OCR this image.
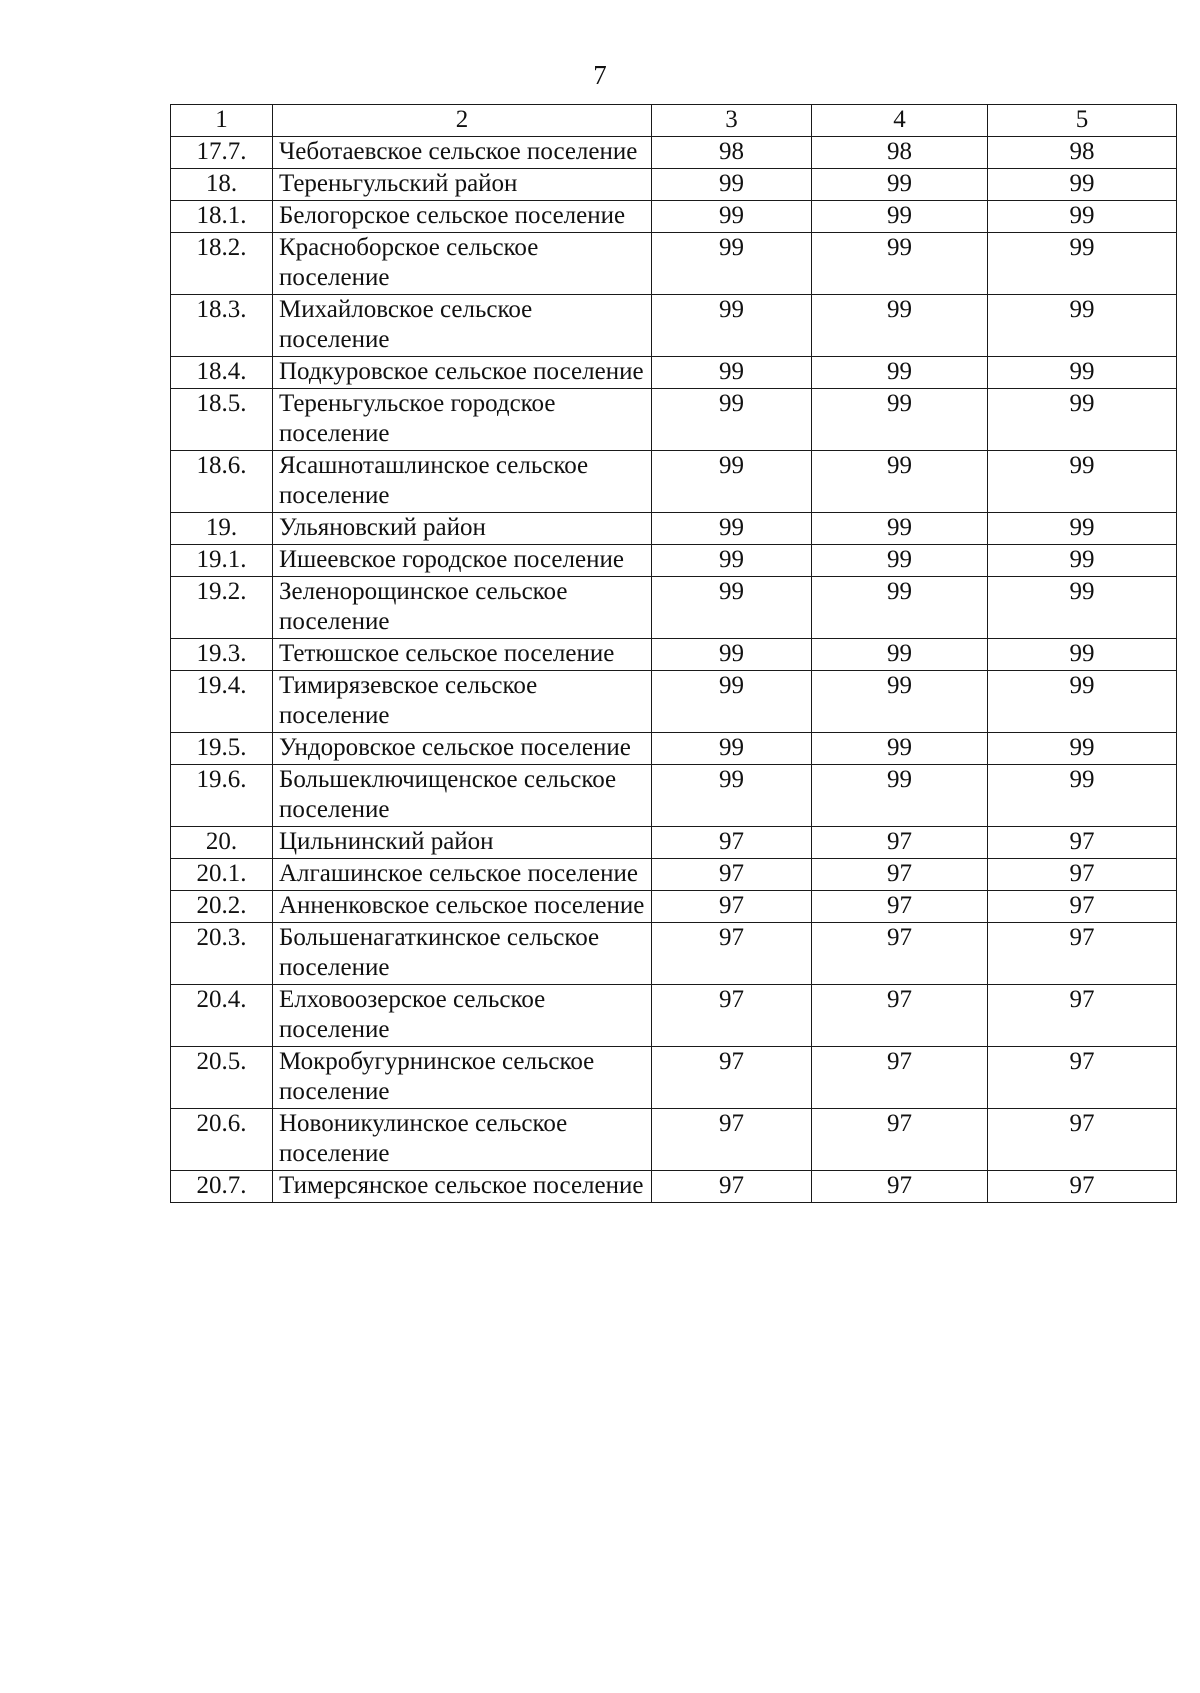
7
1	2	3	4	5
17.7.	Чеботаевское сельское поселение	98	98	98
18.	Тереньгульский район	99	99	99
18.1.	Белогорское сельское поселение	99	99	99
18.2.	Красноборское сельское поселение	99	99	99
18.3.	Михайловское сельское поселение	99	99	99
18.4.	Подкуровское сельское поселение	99	99	99
18.5.	Тереньгульское городское поселение	99	99	99
18.6.	Ясашноташлинское сельское поселение	99	99	99
19.	Ульяновский район	99	99	99
19.1.	Ишеевское городское поселение	99	99	99
19.2.	Зеленорощинское сельское поселение	99	99	99
19.3.	Тетюшское сельское поселение	99	99	99
19.4.	Тимирязевское сельское поселение	99	99	99
19.5.	Ундоровское сельское поселение	99	99	99
19.6.	Большеключищенское сельское поселение	99	99	99
20.	Цильнинский район	97	97	97
20.1.	Алгашинское сельское поселение	97	97	97
20.2.	Анненковское сельское поселение	97	97	97
20.3.	Большенагаткинское сельское поселение	97	97	97
20.4.	Елховоозерское сельское поселение	97	97	97
20.5.	Мокробугурнинское сельское поселение	97	97	97
20.6.	Новоникулинское сельское поселение	97	97	97
20.7.	Тимерсянское сельское поселение	97	97	97
